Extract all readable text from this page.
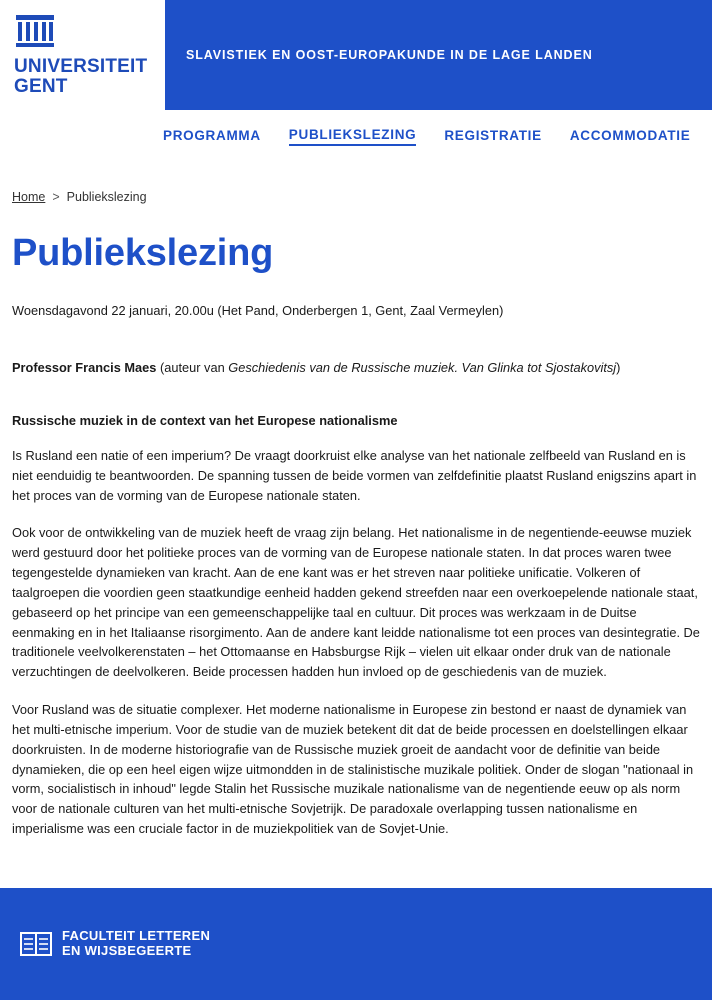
UNIVERSITEIT
GENT
SLAVISTIEK EN OOST-EUROPAKUNDE IN DE LAGE LANDEN
PROGRAMMA PUBLIEKSLEZING REGISTRATIE ACCOMMODATIE
Home > Publiekslezing
Publiekslezing

Woensdagavond 22 januari, 20.00u (Het Pand, Onderbergen 1, Gent, Zaal Vermeylen)

Professor Francis Maes (auteur van Geschiedenis van de Russische muziek. Van Glinka tot Sjostakovitsj)

Russische muziek in de context van het Europese nationalisme

Is Rusland een natie of een imperium? De vraagt doorkruist elke analyse van het nationale zelfbeeld van Rusland en is niet eenduidig te beantwoorden. De spanning tussen de beide vormen van zelfdefinitie plaatst Rusland enigszins apart in het proces van de vorming van de Europese nationale staten.

Ook voor de ontwikkeling van de muziek heeft de vraag zijn belang. Het nationalisme in de negentiende-eeuwse muziek werd gestuurd door het politieke proces van de vorming van de Europese nationale staten. In dat proces waren twee tegengestelde dynamieken van kracht. Aan de ene kant was er het streven naar politieke unificatie. Volkeren of taalgroepen die voordien geen staatkundige eenheid hadden gekend streefden naar een overkoepelende nationale staat, gebaseerd op het principe van een gemeenschappelijke taal en cultuur. Dit proces was werkzaam in de Duitse eenmaking en in het Italiaanse risorgimento. Aan de andere kant leidde nationalisme tot een proces van desintegratie. De traditionele veelvolkerenstaten – het Ottomaanse en Habsburgse Rijk – vielen uit elkaar onder druk van de nationale verzuchtingen de deelvolkeren. Beide processen hadden hun invloed op de geschiedenis van de muziek.

Voor Rusland was de situatie complexer. Het moderne nationalisme in Europese zin bestond er naast de dynamiek van het multi-etnische imperium. Voor de studie van de muziek betekent dit dat de beide processen en doelstellingen elkaar doorkruisten. In de moderne historiografie van de Russische muziek groeit de aandacht voor de definitie van beide dynamieken, die op een heel eigen wijze uitmondden in de stalinistische muzikale politiek. Onder de slogan "nationaal in vorm, socialistisch in inhoud" legde Stalin het Russische muzikale nationalisme van de negentiende eeuw op als norm voor de nationale culturen van het multi-etnische Sovjetrijk. De paradoxale overlapping tussen nationalisme en imperialisme was een cruciale factor in de muziekpolitiek van de Sovjet-Unie.

FACULTEIT LETTEREN
EN WIJSBEGEERTE
